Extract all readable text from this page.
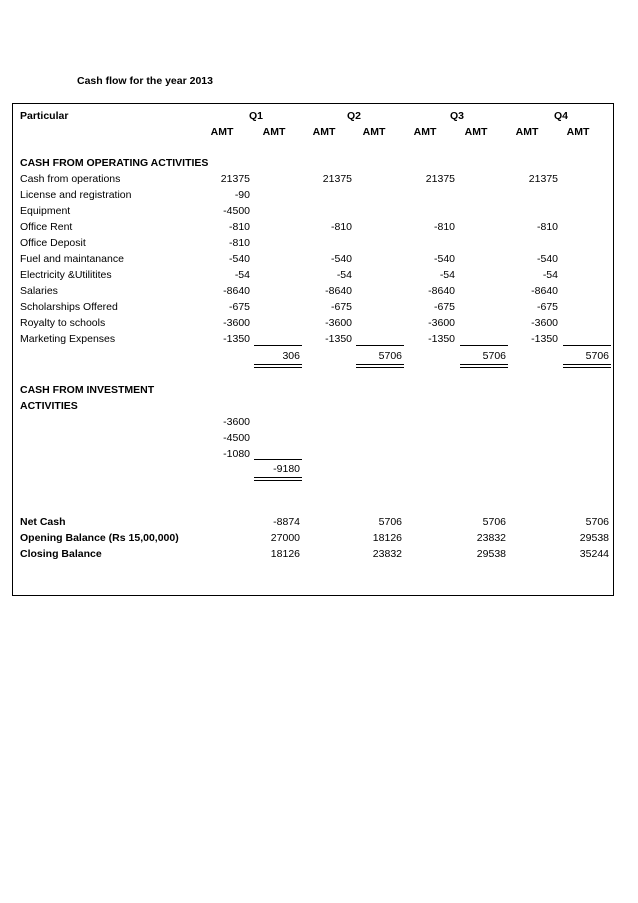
Cash flow for the year 2013
Particular	Q1	Q2	Q3	Q4
AMT	AMT	AMT	AMT	AMT	AMT	AMT	AMT
CASH FROM OPERATING ACTIVITIES
Cash from operations	21375	21375	21375	21375
License and registration	-90
Equipment	-4500
Office Rent	-810	-810	-810	-810
Office Deposit	-810
Fuel and maintanance	-540	-540	-540	-540
Electricity &Utilitites	-54	-54	-54	-54
Salaries	-8640	-8640	-8640	-8640
Scholarships Offered	-675	-675	-675	-675
Royalty to schools	-3600	-3600	-3600	-3600
Marketing Expenses	-1350	-1350	-1350	-1350
306	5706	5706	5706
CASH FROM INVESTMENT
ACTIVITIES
-3600
-4500
-1080
-9180
Net Cash	-8874	5706	5706	5706
Opening Balance (Rs 15,00,000)	27000	18126	23832	29538
Closing Balance	18126	23832	29538	35244
